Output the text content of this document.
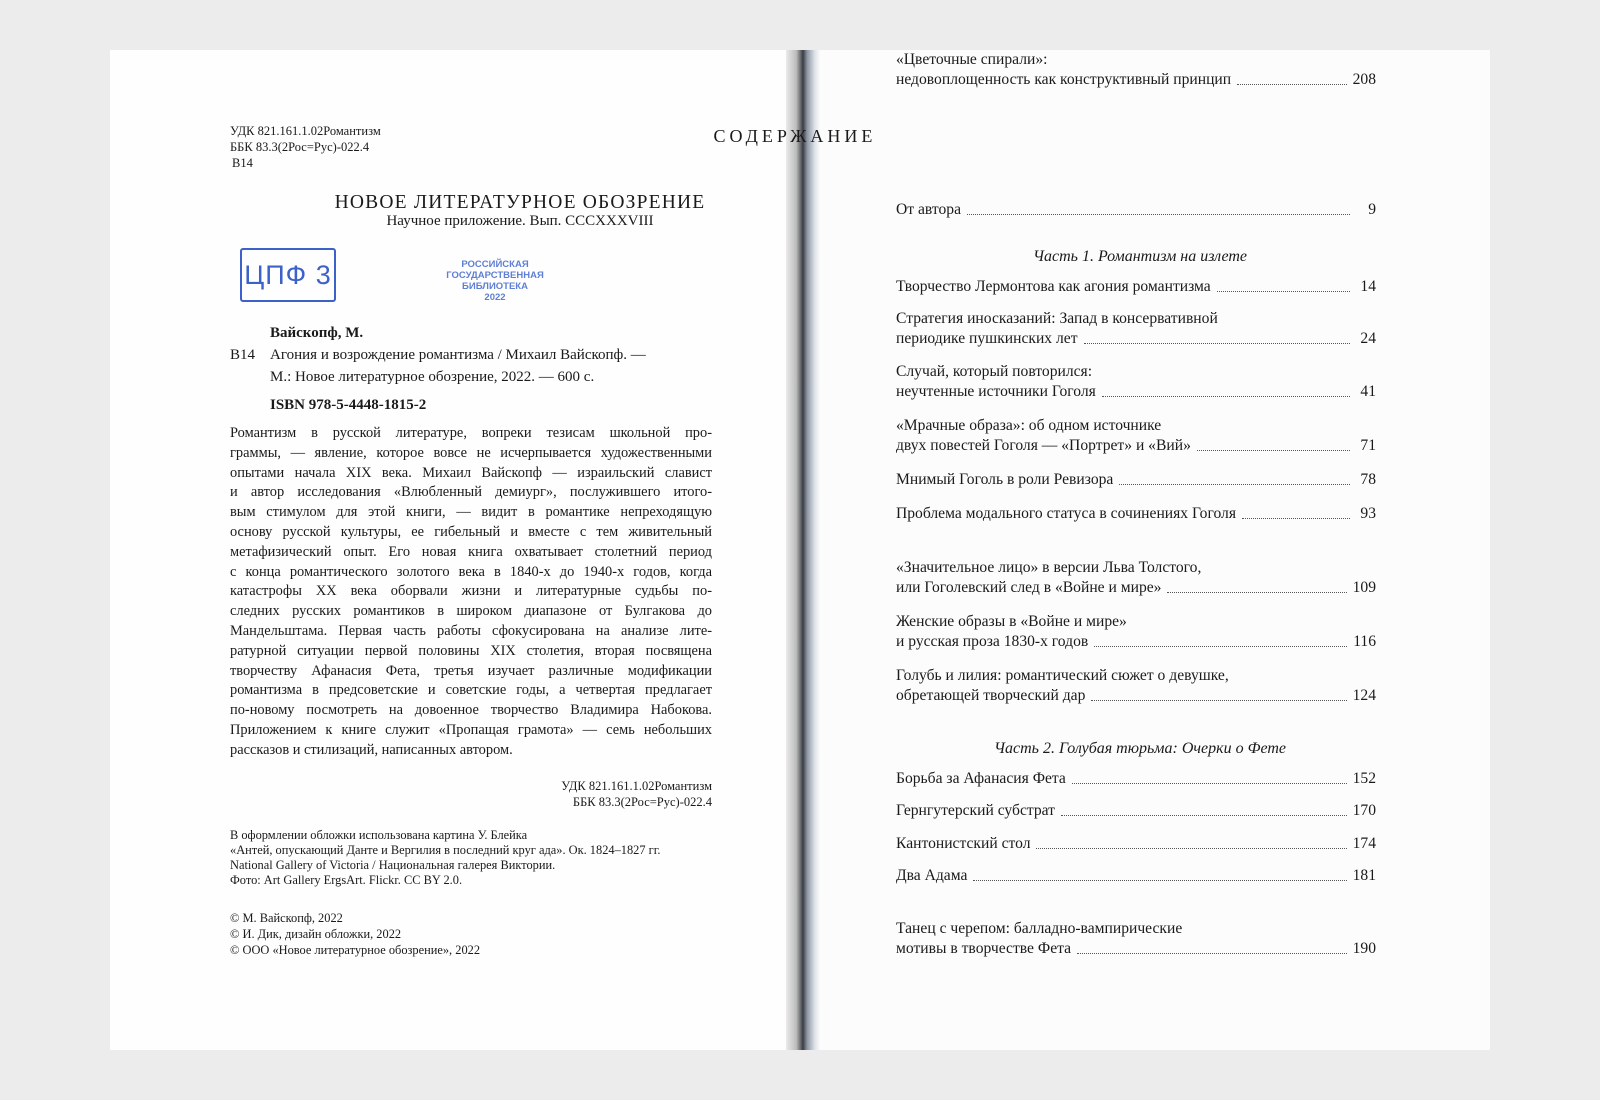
УДК 821.161.1.02Романтизм
ББК 83.3(2Рос=Рус)-022.4
В14
НОВОЕ ЛИТЕРАТУРНОЕ ОБОЗРЕНИЕ
Научное приложение. Вып. CCCXXXVIII
ЦПФ 3	РОССИЙСКАЯ
ГОСУДАРСТВЕННАЯ
БИБЛИОТЕКА
2022
Вайскопф, М.
В14 Агония и возрождение романтизма / Михаил Вайскопф. —
М.: Новое литературное обозрение, 2022. — 600 с.
ISBN 978-5-4448-1815-2
Романтизм в русской литературе, вопреки тезисам школьной про-
граммы, — явление, которое вовсе не исчерпывается художественными
опытами начала XIX века. Михаил Вайскопф — израильский славист
и автор исследования «Влюбленный демиург», послужившего итого-
вым стимулом для этой книги, — видит в романтике непреходящую
основу русской культуры, ее гибельный и вместе с тем живительный
метафизический опыт. Его новая книга охватывает столетний период
с конца романтического золотого века в 1840-х до 1940-х годов, когда
катастрофы XX века оборвали жизни и литературные судьбы по-
следних русских романтиков в широком диапазоне от Булгакова до
Мандельштама. Первая часть работы сфокусирована на анализе лите-
ратурной ситуации первой половины XIX столетия, вторая посвящена
творчеству Афанасия Фета, третья изучает различные модификации
романтизма в предсоветские и советские годы, а четвертая предлагает
по-новому посмотреть на довоенное творчество Владимира Набокова.
Приложением к книге служит «Пропащая грамота» — семь небольших
рассказов и стилизаций, написанных автором.
УДК 821.161.1.02Романтизм
ББК 83.3(2Рос=Рус)-022.4
В оформлении обложки использована картина У. Блейка
«Антей, опускающий Данте и Вергилия в последний круг ада». Ок. 1824–1827 гг.
National Gallery of Victoria / Национальная галерея Виктории.
Фото: Art Gallery ErgsArt. Flickr. CC BY 2.0.
© М. Вайскопф, 2022
© И. Дик, дизайн обложки, 2022
© ООО «Новое литературное обозрение», 2022
СОДЕРЖАНИЕ
От автора	9
Часть 1. Романтизм на излете
Творчество Лермонтова как агония романтизма	14
Стратегия иносказаний: Запад в консервативной
периодике пушкинских лет	24
Случай, который повторился:
неучтенные источники Гоголя	41
«Мрачные образа»: об одном источнике
двух повестей Гоголя — «Портрет» и «Вий»	71
Мнимый Гоголь в роли Ревизора	78
Проблема модального статуса в сочинениях Гоголя	93
«Значительное лицо» в версии Льва Толстого,
или Гоголевский след в «Войне и мире»	109
Женские образы в «Войне и мире»
и русская проза 1830-х годов	116
Голубь и лилия: романтический сюжет о девушке,
обретающей творческий дар	124
Часть 2. Голубая тюрьма: Очерки о Фете
Борьба за Афанасия Фета	152
Гернгутерский субстрат	170
Кантонистский стол	174
Два Адама	181
Танец с черепом: балладно-вампирические
мотивы в творчестве Фета	190
«Цветочные спирали»:
недовоплощенность как конструктивный принцип	208
